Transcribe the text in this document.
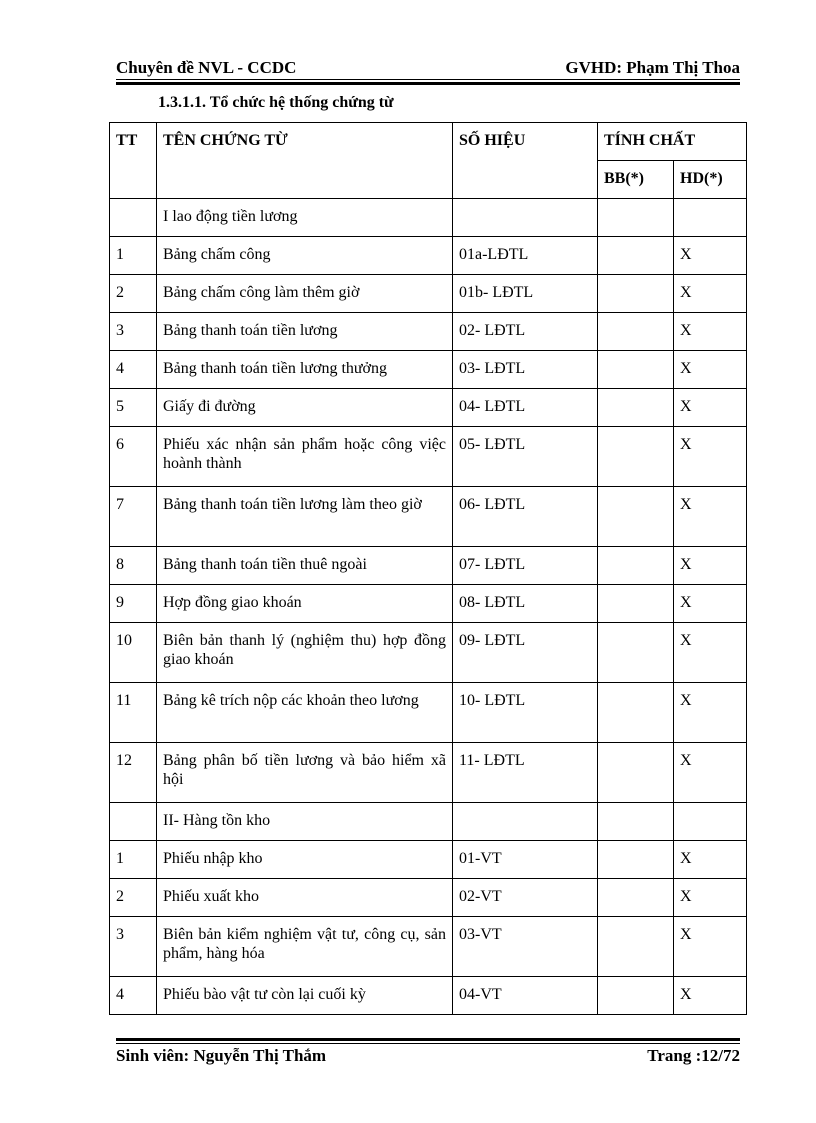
Chuyên đề NVL - CCDC	GVHD: Phạm Thị Thoa
1.3.1.1. Tổ chức hệ thống chứng từ
TT	TÊN CHỨNG TỪ	SỐ HIỆU	TÍNH CHẤT	
			BB(*)	HD(*)
	I lao động tiền lương			
1	Bảng chấm công	01a-LĐTL		X
2	Bảng chấm công làm thêm giờ	01b- LĐTL		X
3	Bảng thanh toán tiền lương	02- LĐTL		X
4	Bảng thanh toán tiền lương thưởng	03- LĐTL		X
5	Giấy đi đường	04- LĐTL		X
6	Phiếu xác nhận sản phẩm hoặc công việc hoành thành	05- LĐTL		X
7	Bảng thanh toán tiền lương làm theo giờ	06- LĐTL		X
8	Bảng thanh toán tiền thuê ngoài	07- LĐTL		X
9	Hợp đồng giao khoán	08- LĐTL		X
10	Biên bản thanh lý (nghiệm thu) hợp đồng giao khoán	09- LĐTL		X
11	Bảng kê trích nộp các khoản theo lương	10- LĐTL		X
12	Bảng phân bố tiền lương và bảo hiểm xã hội	11- LĐTL		X
	II- Hàng tồn kho			
1	Phiếu nhập kho	01-VT		X
2	Phiếu xuất kho	02-VT		X
3	Biên bản kiểm nghiệm vật tư, công cụ, sản phẩm, hàng hóa	03-VT		X
4	Phiếu bào vật tư còn lại cuối kỳ	04-VT		X
Sinh viên: Nguyễn Thị Thắm	Trang :12/72
